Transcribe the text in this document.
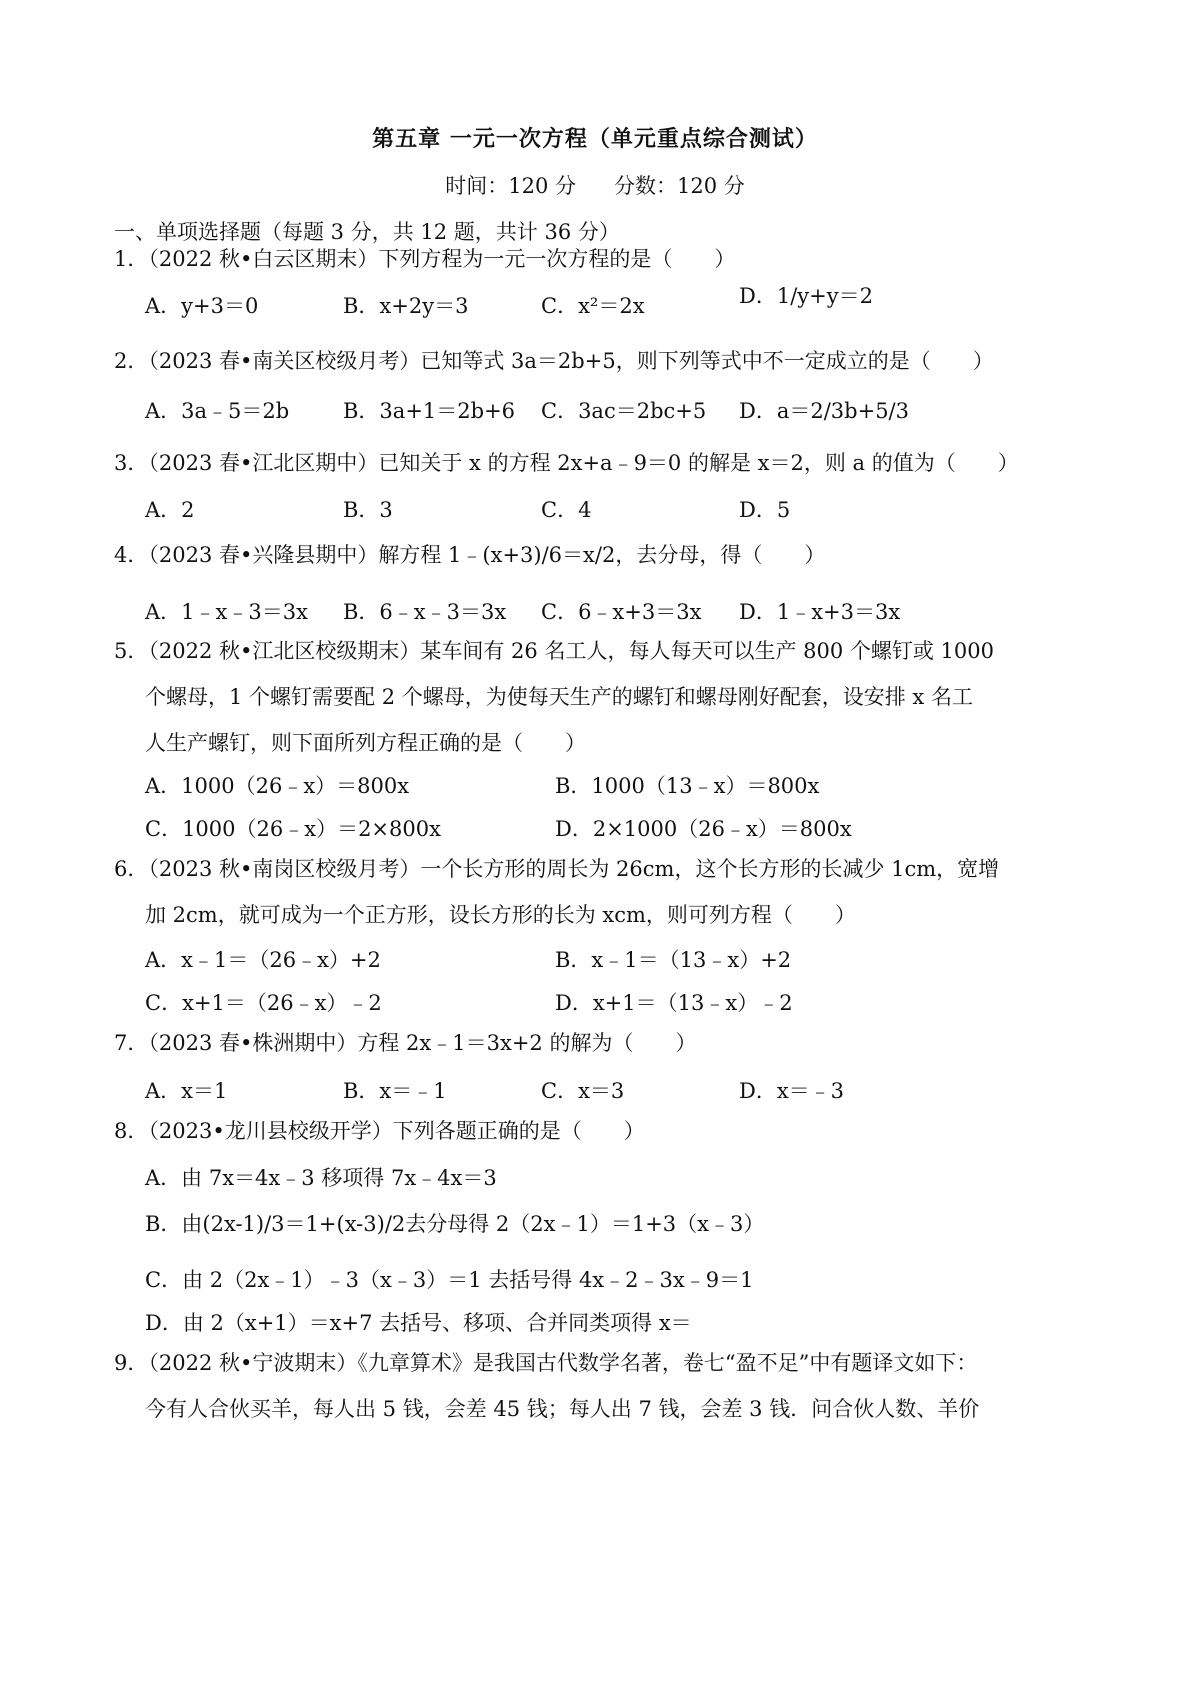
第五章 一元一次方程（单元重点综合测试）
时间：120 分 分数：120 分
一、单项选择题（每题 3 分，共 12 题，共计 36 分）
1．（2022 秋•白云区期末）下列方程为一元一次方程的是（　　）
A．y+3＝0	B．x+2y＝3	C．x²＝2x	D．1/y+y＝2
2．（2023 春•南关区校级月考）已知等式 3a＝2b+5，则下列等式中不一定成立的是（　　）
A．3a﹣5＝2b	B．3a+1＝2b+6 C．3ac＝2bc+5 D．a＝2/3b+5/3
3．（2023 春•江北区期中）已知关于 x 的方程 2x+a﹣9＝0 的解是 x＝2，则 a 的值为（　　）
A．2	B．3	C．4	D．5
4．（2023 春•兴隆县期中）解方程 1﹣(x+3)/6＝x/2，去分母，得（　　）
A．1﹣x﹣3＝3x B．6﹣x﹣3＝3x C．6﹣x+3＝3x D．1﹣x+3＝3x
5．（2022 秋•江北区校级期末）某车间有 26 名工人，每人每天可以生产 800 个螺钉或 1000
个螺母，1 个螺钉需要配 2 个螺母，为使每天生产的螺钉和螺母刚好配套，设安排 x 名工
人生产螺钉，则下面所列方程正确的是（　　）
A．1000（26﹣x）＝800x	B．1000（13﹣x）＝800x
C．1000（26﹣x）＝2×800x	D．2×1000（26﹣x）＝800x
6．（2023 秋•南岗区校级月考）一个长方形的周长为 26cm，这个长方形的长减少 1cm，宽增
加 2cm，就可成为一个正方形，设长方形的长为 xcm，则可列方程（　　）
A．x﹣1＝（26﹣x）+2	B．x﹣1＝（13﹣x）+2
C．x+1＝（26﹣x）﹣2	D．x+1＝（13﹣x）﹣2
7．（2023 春•株洲期中）方程 2x﹣1＝3x+2 的解为（　　）
A．x＝1	B．x＝﹣1	C．x＝3	D．x＝﹣3
8．（2023•龙川县校级开学）下列各题正确的是（　　）
A．由 7x＝4x﹣3 移项得 7x﹣4x＝3
B．由(2x-1)/3＝1+(x-3)/2去分母得 2（2x﹣1）＝1+3（x﹣3）
C．由 2（2x﹣1）﹣3（x﹣3）＝1 去括号得 4x﹣2﹣3x﹣9＝1
D．由 2（x+1）＝x+7 去括号、移项、合并同类项得 x＝
9．（2022 秋•宁波期末）《九章算术》是我国古代数学名著，卷七“盈不足”中有题译文如下：
今有人合伙买羊，每人出 5 钱，会差 45 钱；每人出 7 钱，会差 3 钱．问合伙人数、羊价
